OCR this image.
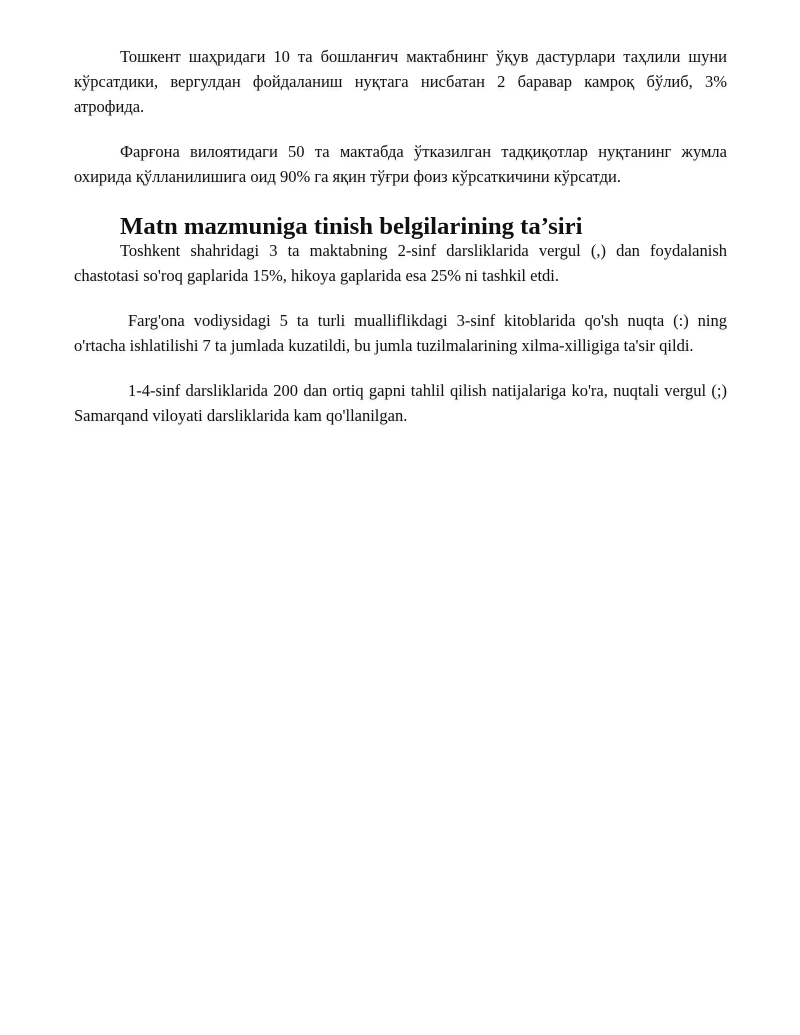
Тошкент шаҳридаги 10 та бошланғич мактабнинг ўқув дастурлари таҳлили шуни кўрсатдики, вергулдан фойдаланиш нуқтага нисбатан 2 баравар камроқ бўлиб, 3% атрофида.

Фарғона вилоятидаги 50 та мактабда ўтказилган тадқиқотлар нуқтанинг жумла охирида қўлланилишига оид 90% га яқин тўғри фоиз кўрсаткичини кўрсатди.

Matn mazmuniga tinish belgilarining ta’siri

Toshkent shahridagi 3 ta maktabning 2-sinf darsliklarida vergul (,) dan foydalanish chastotasi so'roq gaplarida 15%, hikoya gaplarida esa 25% ni tashkil etdi.

Farg'ona vodiysidagi 5 ta turli mualliflikdagi 3-sinf kitoblarida qo'sh nuqta (:) ning o'rtacha ishlatilishi 7 ta jumlada kuzatildi, bu jumla tuzilmalarining xilma-xilligiga ta'sir qildi.

1-4-sinf darsliklarida 200 dan ortiq gapni tahlil qilish natijalariga ko'ra, nuqtali vergul (;) Samarqand viloyati darsliklarida kam qo'llanilgan.
